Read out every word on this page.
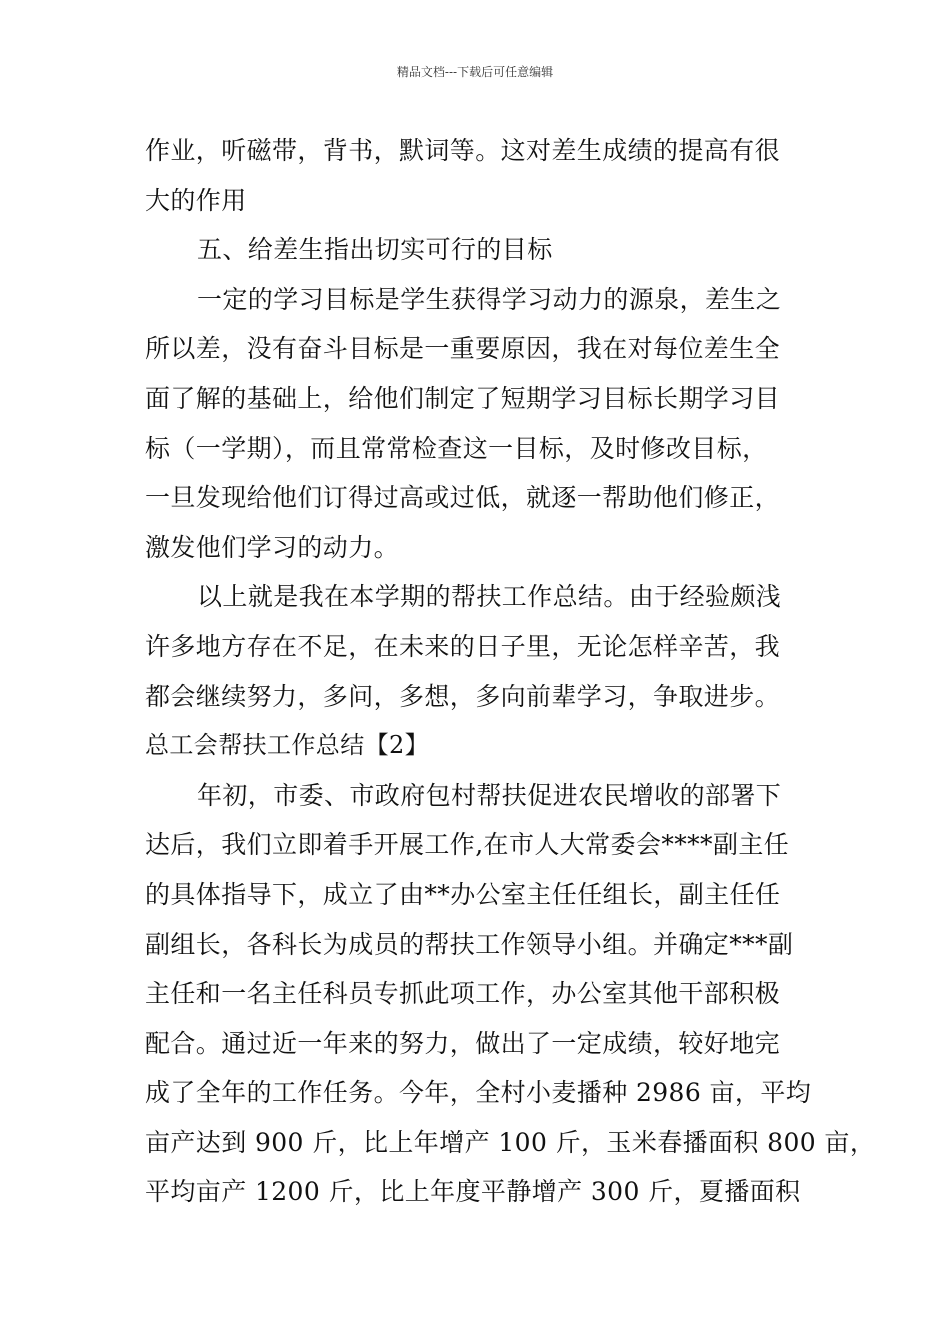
精品文档---下载后可任意编辑
作业，听磁带，背书，默词等。这对差生成绩的提高有很
大的作用
五、给差生指出切实可行的目标
一定的学习目标是学生获得学习动力的源泉，差生之
所以差，没有奋斗目标是一重要原因，我在对每位差生全
面了解的基础上，给他们制定了短期学习目标长期学习目
标（一学期），而且常常检查这一目标，及时修改目标，
一旦发现给他们订得过高或过低，就逐一帮助他们修正，
激发他们学习的动力。
以上就是我在本学期的帮扶工作总结。由于经验颇浅
许多地方存在不足，在未来的日子里，无论怎样辛苦，我
都会继续努力，多问，多想，多向前辈学习，争取进步。
总工会帮扶工作总结【2】
年初，市委、市政府包村帮扶促进农民增收的部署下
达后，我们立即着手开展工作,在市人大常委会****副主任
的具体指导下，成立了由**办公室主任任组长，副主任任
副组长，各科长为成员的帮扶工作领导小组。并确定***副
主任和一名主任科员专抓此项工作，办公室其他干部积极
配合。通过近一年来的努力，做出了一定成绩，较好地完
成了全年的工作任务。今年，全村小麦播种 2986 亩，平均
亩产达到 900 斤，比上年增产 100 斤，玉米春播面积 800 亩，
平均亩产 1200 斤，比上年度平静增产 300 斤，夏播面积
